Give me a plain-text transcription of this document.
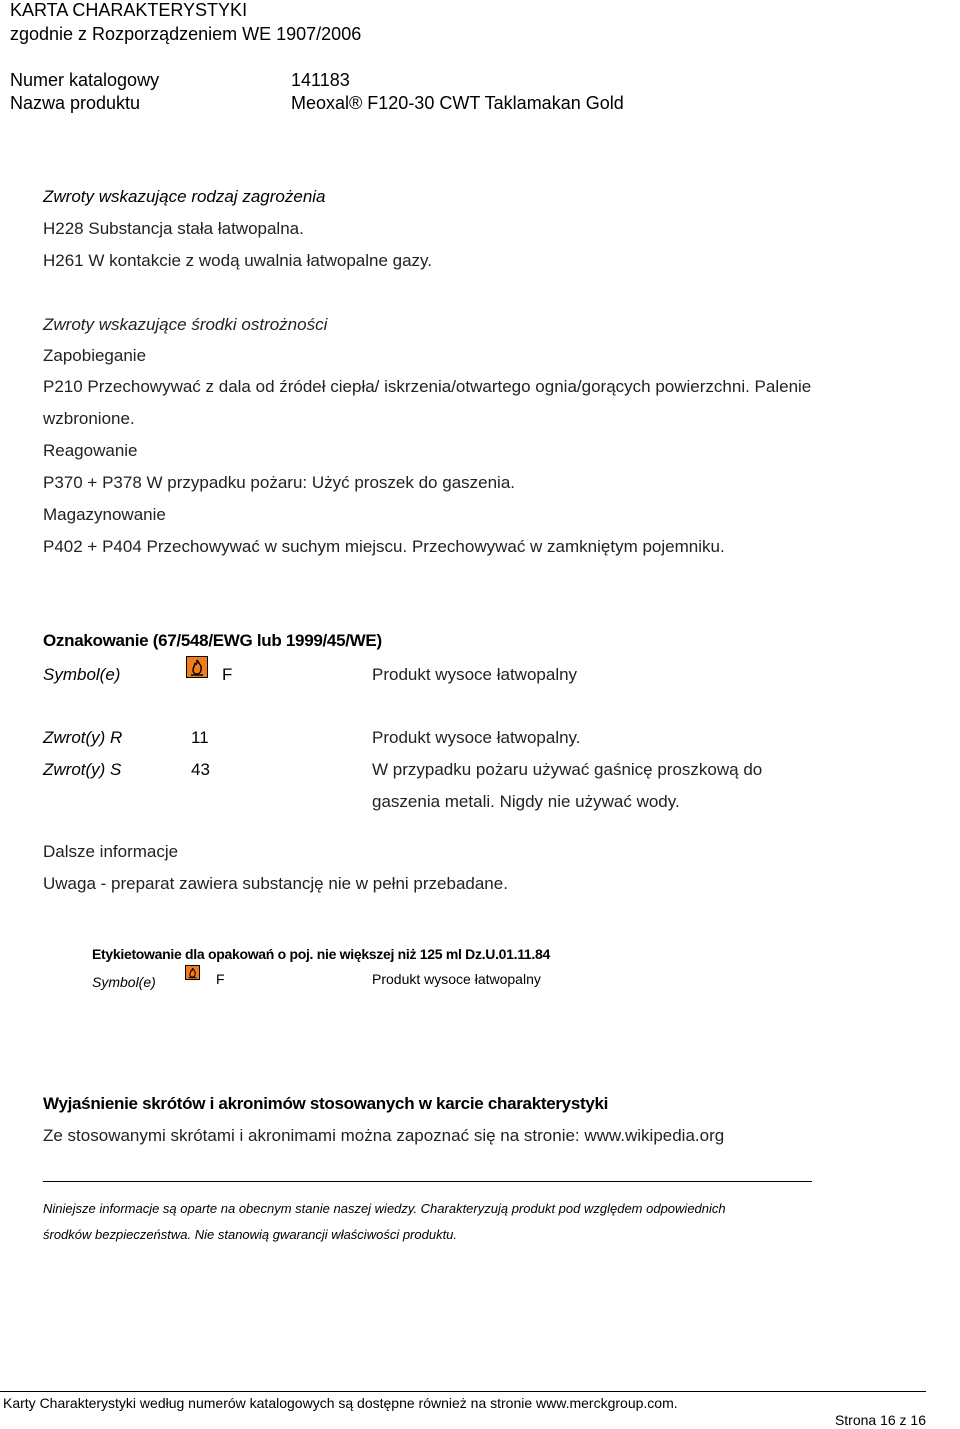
KARTA CHARAKTERYSTYKI
zgodnie z Rozporządzeniem WE 1907/2006
Numer katalogowy	141183
Nazwa produktu	Meoxal® F120-30 CWT Taklamakan Gold
Zwroty wskazujące rodzaj zagrożenia
H228 Substancja stała łatwopalna.
H261 W kontakcie z wodą uwalnia łatwopalne gazy.
Zwroty wskazujące środki ostrożności
Zapobieganie
P210 Przechowywać z dala od źródeł ciepła/ iskrzenia/otwartego ognia/gorących powierzchni. Palenie
wzbronione.
Reagowanie
P370 + P378 W przypadku pożaru: Użyć proszek do gaszenia.
Magazynowanie
P402 + P404 Przechowywać w suchym miejscu. Przechowywać w zamkniętym pojemniku.
Oznakowanie (67/548/EWG lub 1999/45/WE)
Symbol(e)	F	Produkt wysoce łatwopalny
Zwrot(y) R	11	Produkt wysoce łatwopalny.
Zwrot(y) S	43	W przypadku pożaru używać gaśnicę proszkową do
gaszenia metali. Nigdy nie używać wody.
Dalsze informacje
Uwaga - preparat zawiera substancję nie w pełni przebadane.
Etykietowanie dla opakowań o poj. nie większej niż 125 ml Dz.U.01.11.84
Symbol(e)	F	Produkt wysoce łatwopalny
Wyjaśnienie skrótów i akronimów stosowanych w karcie charakterystyki
Ze stosowanymi skrótami i akronimami można zapoznać się na stronie: www.wikipedia.org
Niniejsze informacje są oparte na obecnym stanie naszej wiedzy. Charakteryzują produkt pod względem odpowiednich
środków bezpieczeństwa. Nie stanowią gwarancji właściwości produktu.
Karty Charakterystyki według numerów katalogowych są dostępne również na stronie www.merckgroup.com.
Strona 16 z 16
